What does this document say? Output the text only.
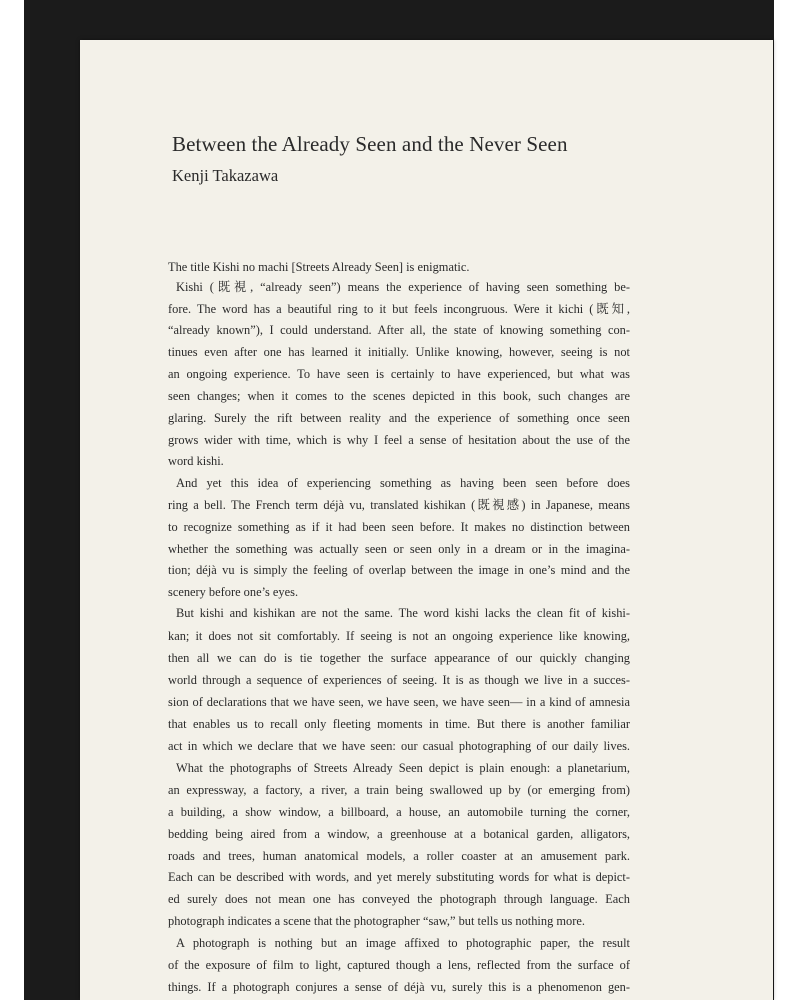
Between the Already Seen and the Never Seen
Kenji Takazawa
The title Kishi no machi [Streets Already Seen] is enigmatic.
Kishi (既視, “already seen”) means the experience of having seen something be-
fore. The word has a beautiful ring to it but feels incongruous. Were it kichi (既知,
“already known”), I could understand. After all, the state of knowing something con-
tinues even after one has learned it initially. Unlike knowing, however, seeing is not
an ongoing experience. To have seen is certainly to have experienced, but what was
seen changes; when it comes to the scenes depicted in this book, such changes are
glaring. Surely the rift between reality and the experience of something once seen
grows wider with time, which is why I feel a sense of hesitation about the use of the
word kishi.
And yet this idea of experiencing something as having been seen before does
ring a bell. The French term déjà vu, translated kishikan (既視感) in Japanese, means
to recognize something as if it had been seen before. It makes no distinction between
whether the something was actually seen or seen only in a dream or in the imagina-
tion; déjà vu is simply the feeling of overlap between the image in one’s mind and the
scenery before one’s eyes.
But kishi and kishikan are not the same. The word kishi lacks the clean fit of kishi-
kan; it does not sit comfortably. If seeing is not an ongoing experience like knowing,
then all we can do is tie together the surface appearance of our quickly changing
world through a sequence of experiences of seeing. It is as though we live in a succes-
sion of declarations that we have seen, we have seen, we have seen— in a kind of amnesia
that enables us to recall only fleeting moments in time. But there is another familiar
act in which we declare that we have seen: our casual photographing of our daily lives.
What the photographs of Streets Already Seen depict is plain enough: a planetarium,
an expressway, a factory, a river, a train being swallowed up by (or emerging from)
a building, a show window, a billboard, a house, an automobile turning the corner,
bedding being aired from a window, a greenhouse at a botanical garden, alligators,
roads and trees, human anatomical models, a roller coaster at an amusement park.
Each can be described with words, and yet merely substituting words for what is depict-
ed surely does not mean one has conveyed the photograph through language. Each
photograph indicates a scene that the photographer “saw,” but tells us nothing more.
A photograph is nothing but an image affixed to photographic paper, the result
of the exposure of film to light, captured though a lens, reflected from the surface of
things. If a photograph conjures a sense of déjà vu, surely this is a phenomenon gen-
